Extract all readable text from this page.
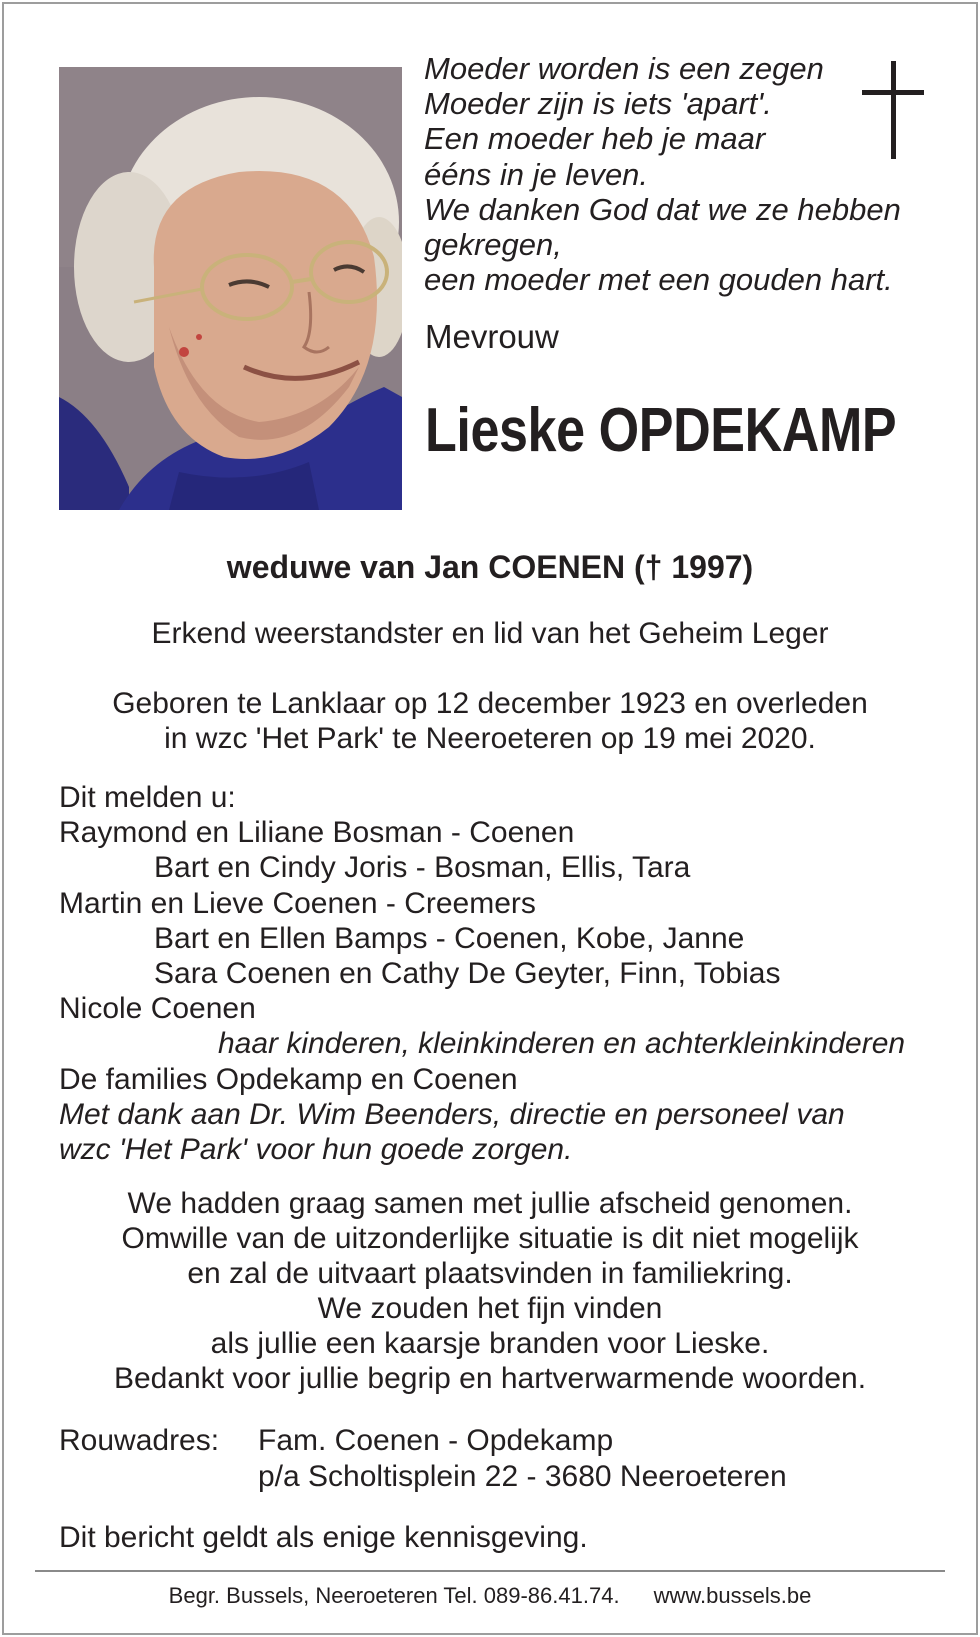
Moeder worden is een zegen
Moeder zijn is iets 'apart'.
Een moeder heb je maar
ééns in je leven.
We danken God dat we ze hebben
gekregen,
een moeder met een gouden hart.
Mevrouw
Lieske OPDEKAMP
weduwe van Jan COENEN († 1997)
Erkend weerstandster en lid van het Geheim Leger
Geboren te Lanklaar op 12 december 1923 en overleden
in wzc 'Het Park' te Neeroeteren op 19 mei 2020.
Dit melden u:
Raymond en Liliane Bosman - Coenen
Bart en Cindy Joris - Bosman, Ellis, Tara
Martin en Lieve Coenen - Creemers
Bart en Ellen Bamps - Coenen, Kobe, Janne
Sara Coenen en Cathy De Geyter, Finn, Tobias
Nicole Coenen
haar kinderen, kleinkinderen en achterkleinkinderen
De families Opdekamp en Coenen
Met dank aan Dr. Wim Beenders, directie en personeel van
wzc 'Het Park' voor hun goede zorgen.
We hadden graag samen met jullie afscheid genomen.
Omwille van de uitzonderlijke situatie is dit niet mogelijk
en zal de uitvaart plaatsvinden in familiekring.
We zouden het fijn vinden
als jullie een kaarsje branden voor Lieske.
Bedankt voor jullie begrip en hartverwarmende woorden.
Rouwadres: Fam. Coenen - Opdekamp
p/a Scholtisplein 22 - 3680 Neeroeteren
Dit bericht geldt als enige kennisgeving.
Begr. Bussels, Neeroeteren Tel. 089-86.41.74. www.bussels.be
